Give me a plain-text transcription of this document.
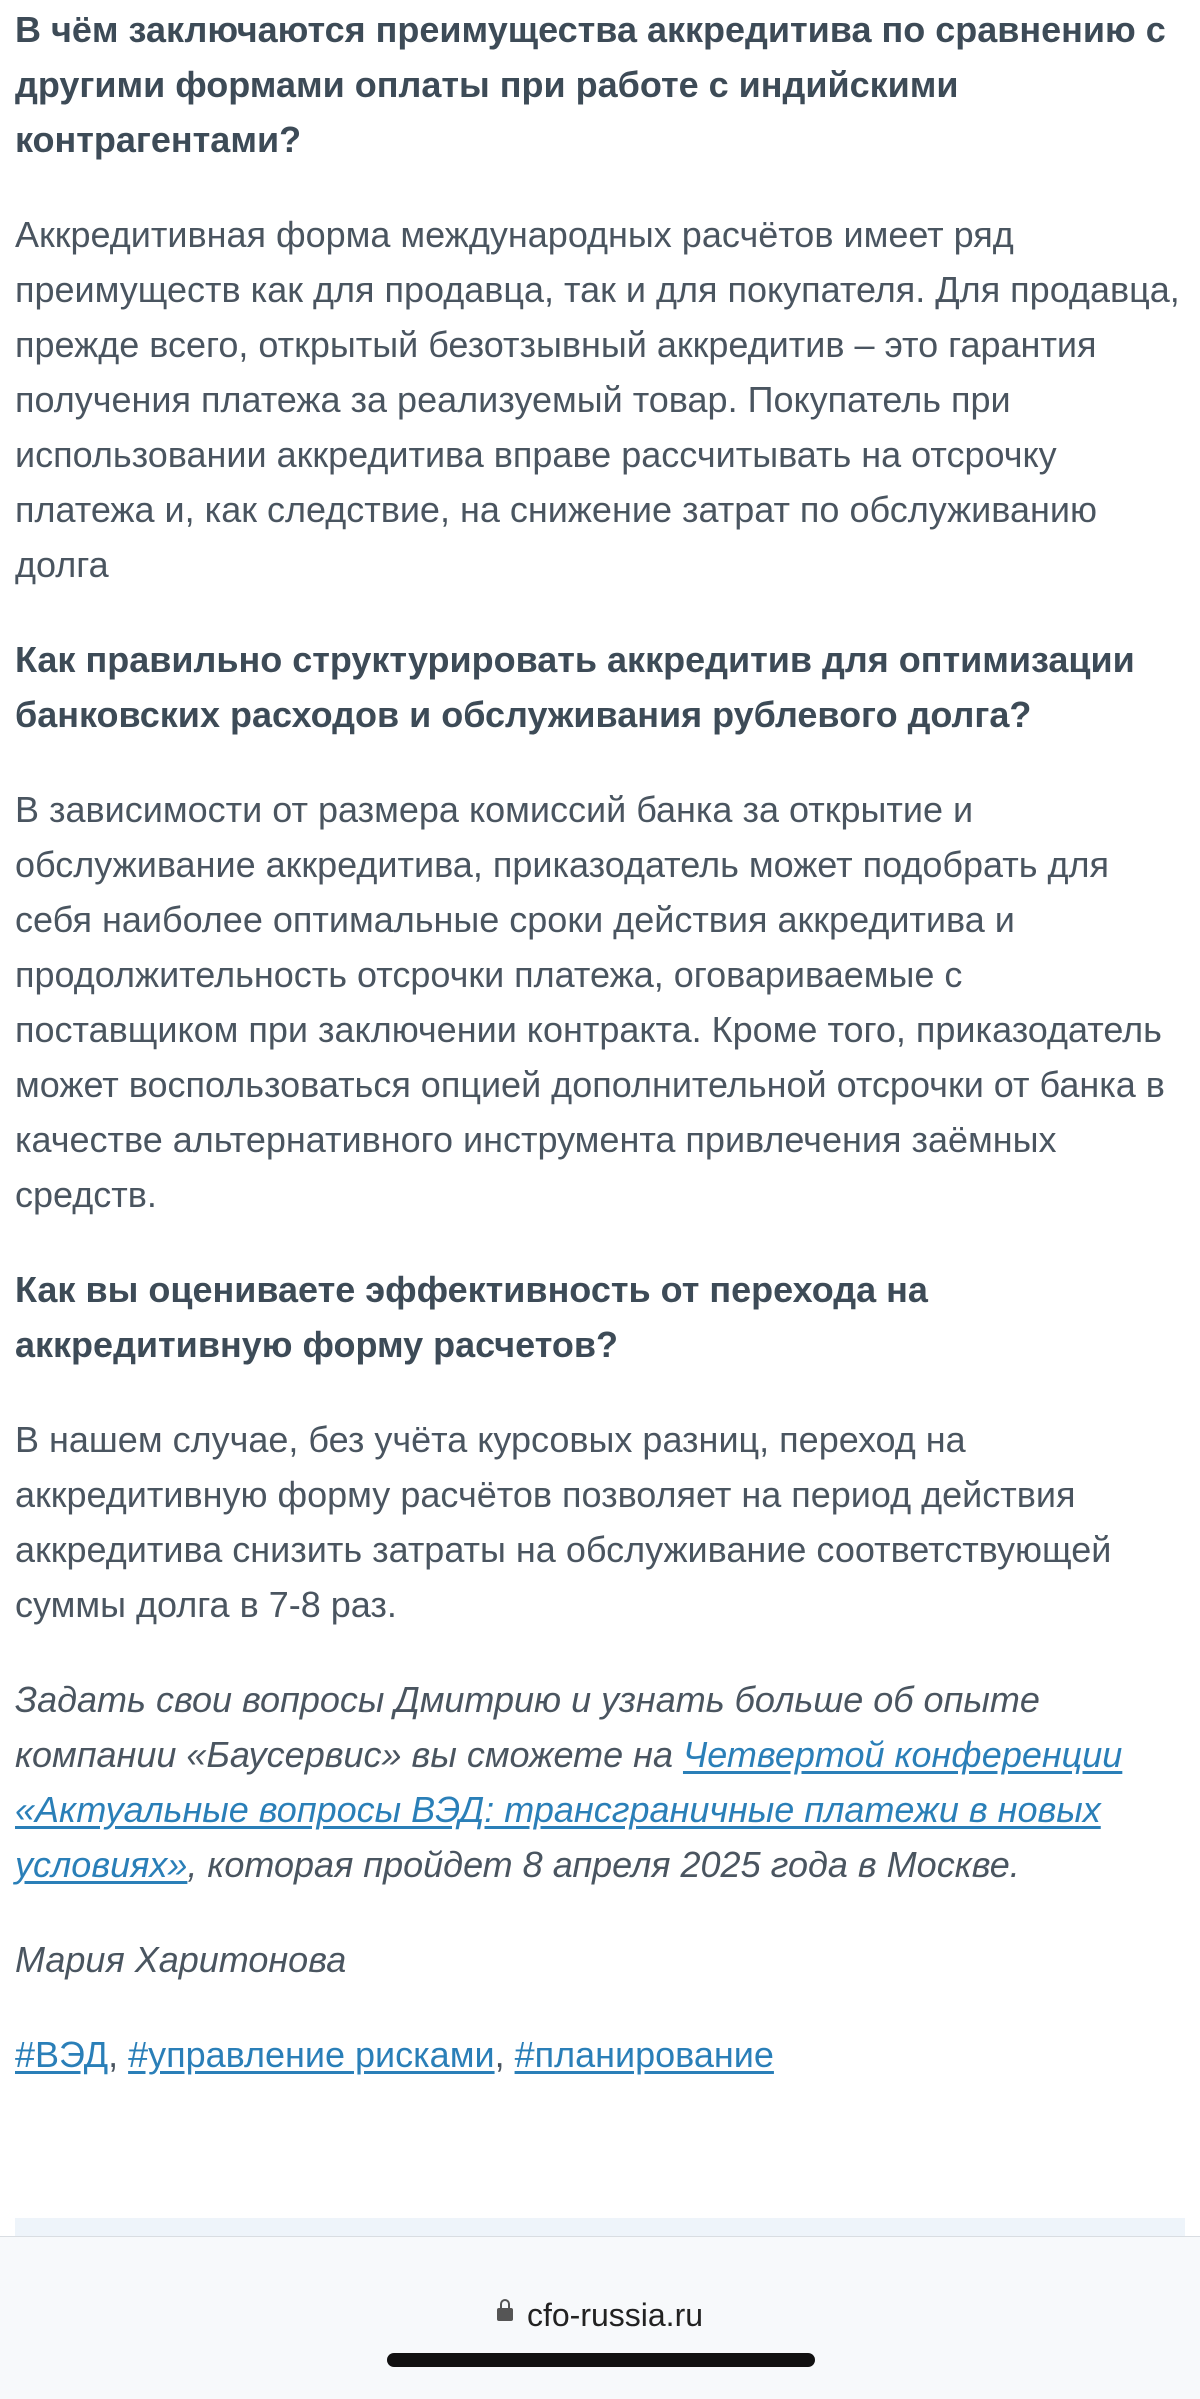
В чём заключаются преимущества аккредитива по сравнению с другими формами оплаты при работе с индийскими контрагентами?

Аккредитивная форма международных расчётов имеет ряд преимуществ как для продавца, так и для покупателя. Для продавца, прежде всего, открытый безотзывный аккредитив – это гарантия получения платежа за реализуемый товар. Покупатель при использовании аккредитива вправе рассчитывать на отсрочку платежа и, как следствие, на снижение затрат по обслуживанию долга

Как правильно структурировать аккредитив для оптимизации банковских расходов и обслуживания рублевого долга?

В зависимости от размера комиссий банка за открытие и обслуживание аккредитива, приказодатель может подобрать для себя наиболее оптимальные сроки действия аккредитива и продолжительность отсрочки платежа, оговариваемые с поставщиком при заключении контракта. Кроме того, приказодатель может воспользоваться опцией дополнительной отсрочки от банка в качестве альтернативного инструмента привлечения заёмных средств.

Как вы оцениваете эффективность от перехода на аккредитивную форму расчетов?

В нашем случае, без учёта курсовых разниц, переход на аккредитивную форму расчётов позволяет на период действия аккредитива снизить затраты на обслуживание соответствующей суммы долга в 7-8 раз.

Задать свои вопросы Дмитрию и узнать больше об опыте компании «Баусервис» вы сможете на Четвертой конференции «Актуальные вопросы ВЭД: трансграничные платежи в новых условиях», которая пройдет 8 апреля 2025 года в Москве.

Мария Харитонова

#ВЭД, #управление рисками, #планирование

cfo-russia.ru
